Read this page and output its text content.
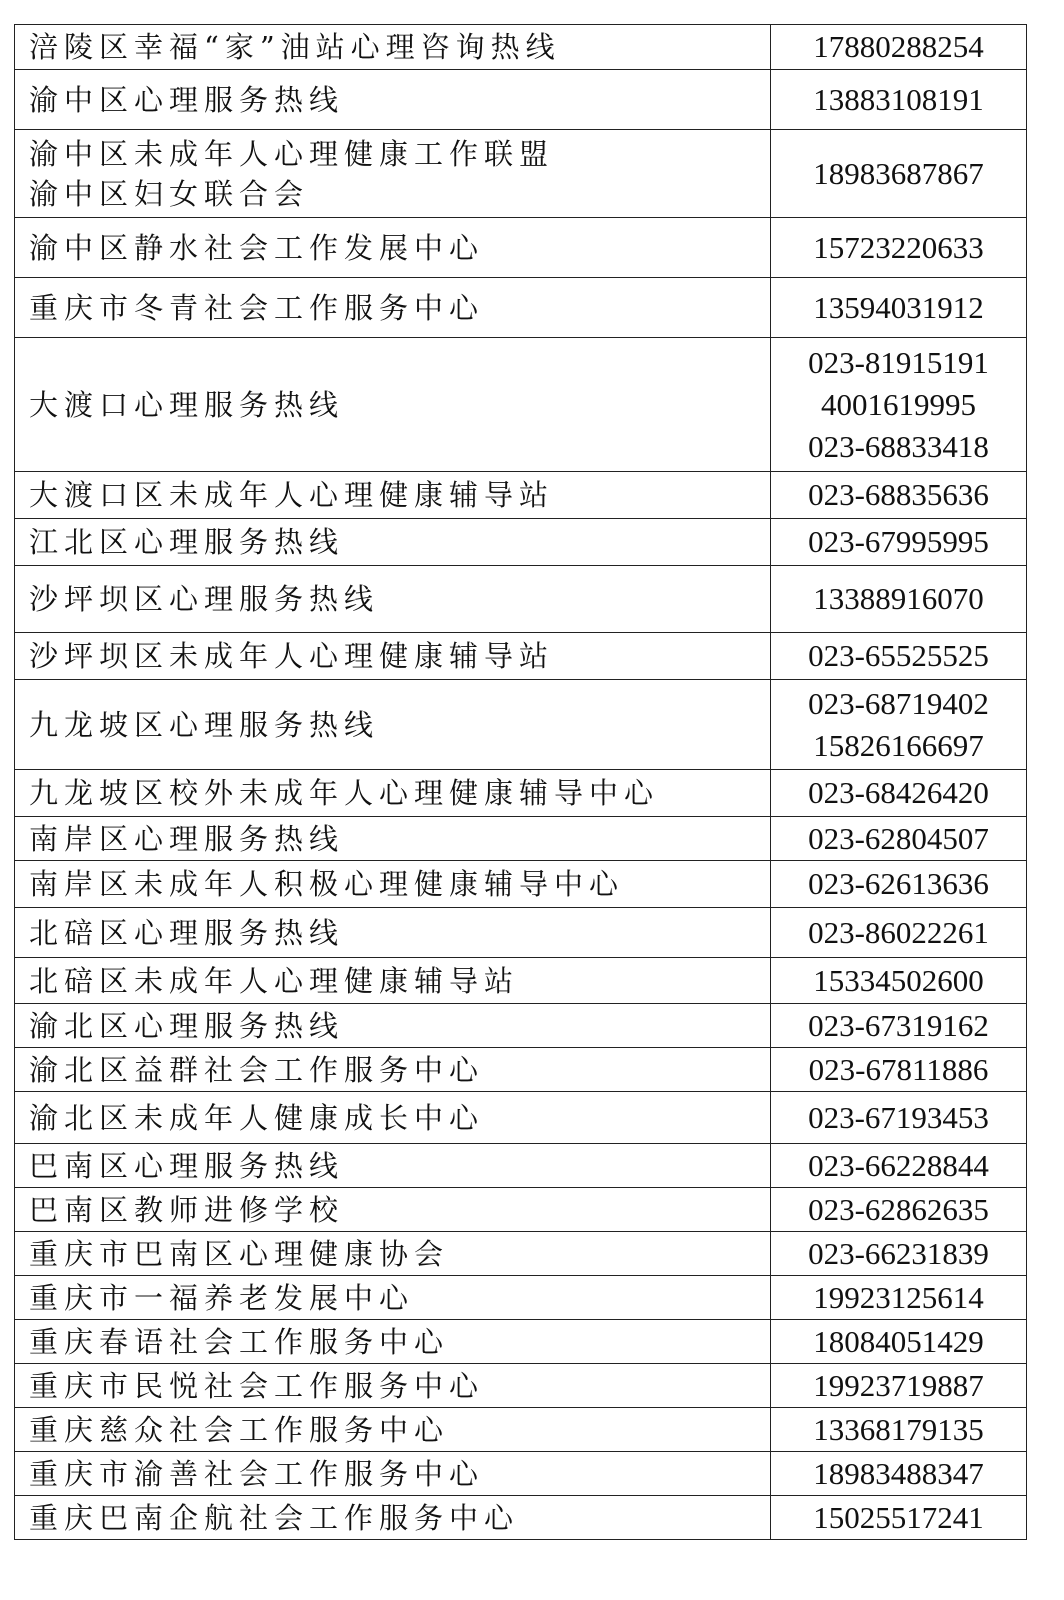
涪陵区幸福“家”油站心理咨询热线	17880288254

渝中区心理服务热线	13883108191

渝中区未成年人心理健康工作联盟
渝中区妇女联合会	18983687867

渝中区静水社会工作发展中心	15723220633

重庆市冬青社会工作服务中心	13594031912

大渡口心理服务热线	023-81915191
4001619995
023-68833418

大渡口区未成年人心理健康辅导站	023-68835636

江北区心理服务热线	023-67995995

沙坪坝区心理服务热线	13388916070

沙坪坝区未成年人心理健康辅导站	023-65525525

九龙坡区心理服务热线	023-68719402
15826166697

九龙坡区校外未成年人心理健康辅导中心	023-68426420

南岸区心理服务热线	023-62804507

南岸区未成年人积极心理健康辅导中心	023-62613636

北碚区心理服务热线	023-86022261

北碚区未成年人心理健康辅导站	15334502600

渝北区心理服务热线	023-67319162

渝北区益群社会工作服务中心	023-67811886

渝北区未成年人健康成长中心	023-67193453

巴南区心理服务热线	023-66228844

巴南区教师进修学校	023-62862635

重庆市巴南区心理健康协会	023-66231839

重庆市一福养老发展中心	19923125614

重庆春语社会工作服务中心	18084051429

重庆市民悦社会工作服务中心	19923719887

重庆慈众社会工作服务中心	13368179135

重庆市渝善社会工作服务中心	18983488347

重庆巴南企航社会工作服务中心	15025517241
